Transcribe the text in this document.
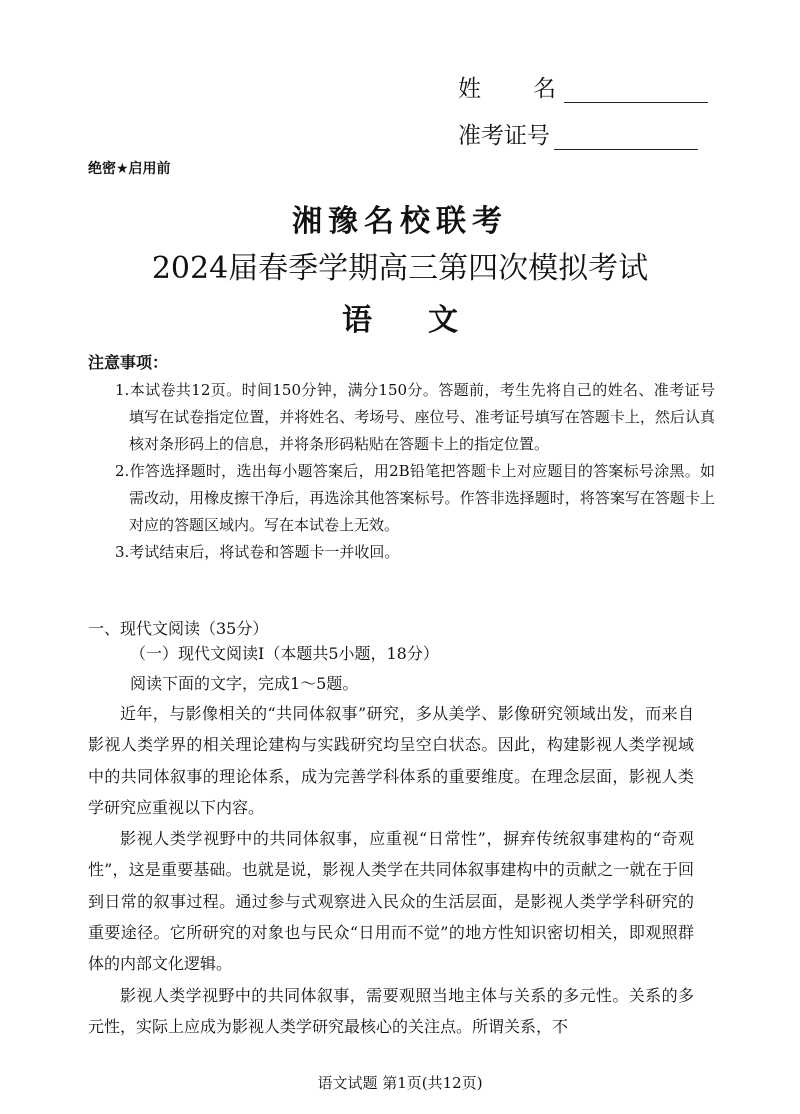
姓名
准考证号
绝密★启用前
湘豫名校联考
2024届春季学期高三第四次模拟考试
语文
注意事项：

1.本试卷共12页。时间150分钟，满分150分。答题前，考生先将自己的姓名、准考证号填写在试卷指定位置，并将姓名、考场号、座位号、准考证号填写在答题卡上，然后认真核对条形码上的信息，并将条形码粘贴在答题卡上的指定位置。

2.作答选择题时，选出每小题答案后，用2B铅笔把答题卡上对应题目的答案标号涂黑。如需改动，用橡皮擦干净后，再选涂其他答案标号。作答非选择题时，将答案写在答题卡上对应的答题区域内。写在本试卷上无效。

3.考试结束后，将试卷和答题卡一并收回。

一、现代文阅读（35分）
（一）现代文阅读Ⅰ（本题共5小题，18分）
阅读下面的文字，完成1～5题。

近年，与影像相关的“共同体叙事”研究，多从美学、影像研究领域出发，而来自影视人类学界的相关理论建构与实践研究均呈空白状态。因此，构建影视人类学视域中的共同体叙事的理论体系，成为完善学科体系的重要维度。在理念层面，影视人类学研究应重视以下内容。

影视人类学视野中的共同体叙事，应重视“日常性”，摒弃传统叙事建构的“奇观性”，这是重要基础。也就是说，影视人类学在共同体叙事建构中的贡献之一就在于回到日常的叙事过程。通过参与式观察进入民众的生活层面，是影视人类学学科研究的重要途径。它所研究的对象也与民众“日用而不觉”的地方性知识密切相关，即观照群体的内部文化逻辑。

影视人类学视野中的共同体叙事，需要观照当地主体与关系的多元性。关系的多元性，实际上应成为影视人类学研究最核心的关注点。所谓关系，不

语文试题 第1页(共12页)
